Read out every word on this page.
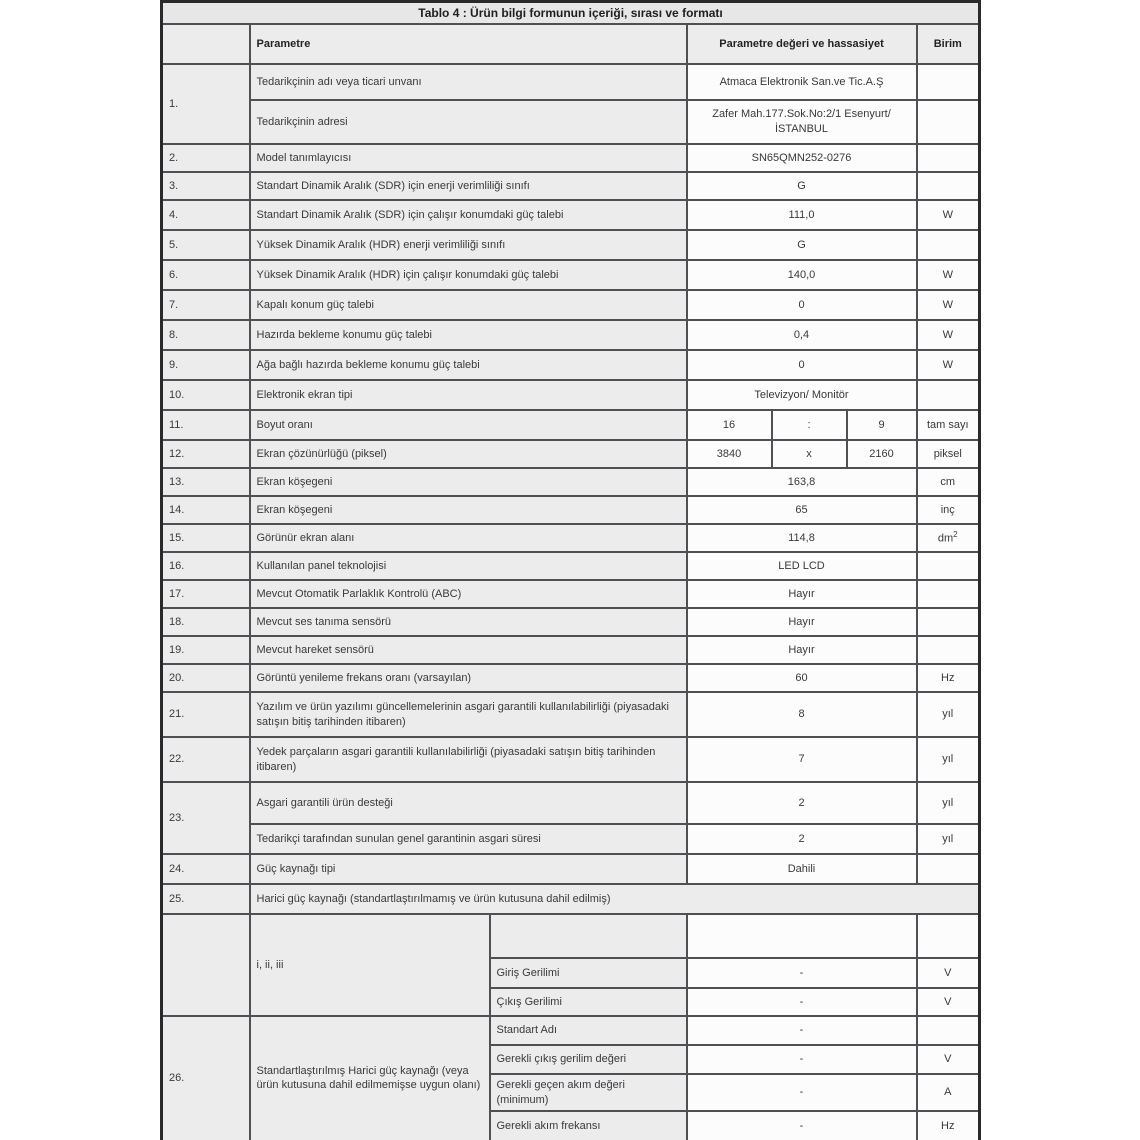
Tablo 4 : Ürün bilgi formunun içeriği, sırası ve formatı						
	Parametre		Parametre değeri ve hassasiyet			Birim
1.	Tedarikçinin adı veya ticari unvanı		Atmaca Elektronik San.ve Tic.A.Ş			
	Tedarikçinin adresi		Zafer Mah.177.Sok.No:2/1 Esenyurt/İSTANBUL			
2.	Model tanımlayıcısı		SN65QMN252-0276			
3.	Standart Dinamik Aralık (SDR) için enerji verimliliği sınıfı		G			
4.	Standart Dinamik Aralık (SDR) için çalışır konumdaki güç talebi		111,0			W
5.	Yüksek Dinamik Aralık (HDR) enerji verimliliği sınıfı		G			
6.	Yüksek Dinamik Aralık (HDR) için çalışır konumdaki güç talebi		140,0			W
7.	Kapalı konum güç talebi		0			W
8.	Hazırda bekleme konumu güç talebi		0,4			W
9.	Ağa bağlı hazırda bekleme konumu güç talebi		0			W
10.	Elektronik ekran tipi		Televizyon/ Monitör			
11.	Boyut oranı		16	:	9	tam sayı
12.	Ekran çözünürlüğü (piksel)		3840	x	2160	piksel
13.	Ekran köşegeni		163,8			cm
14.	Ekran köşegeni		65			inç
15.	Görünür ekran alanı		114,8			$dm^2$
16.	Kullanılan panel teknolojisi		LED LCD			
17.	Mevcut Otomatik Parlaklık Kontrolü (ABC)		Hayır			
18.	Mevcut ses tanıma sensörü		Hayır			
19.	Mevcut hareket sensörü		Hayır			
20.	Görüntü yenileme frekans oranı (varsayılan)		60			Hz
21.	Yazılım ve ürün yazılımı güncellemelerinin asgari garantili kullanılabilirliği (piyasadaki satışın bitiş tarihinden itibaren)		8			yıl
22.	Yedek parçaların asgari garantili kullanılabilirliği (piyasadaki satışın bitiş tarihinden itibaren)		7			yıl
23.	Asgari garantili ürün desteği		2			yıl
	Tedarikçi tarafından sunulan genel garantinin asgari süresi		2			yıl
24.	Güç kaynağı tipi		Dahili			
25.	Harici güç kaynağı (standartlaştırılmamış ve ürün kutusuna dahil edilmiş)					
	i, ii, iii					
		Giriş Gerilimi	-			V
		Çıkış Gerilimi	-			V
26.	Standartlaştırılmış Harici güç kaynağı (veya ürün kutusuna dahil edilmemişse uygun olanı)	Standart Adı	-			
		Gerekli çıkış gerilim değeri	-			V
		Gerekli geçen akım değeri (minimum)	-			A
		Gerekli akım frekansı	-			Hz
